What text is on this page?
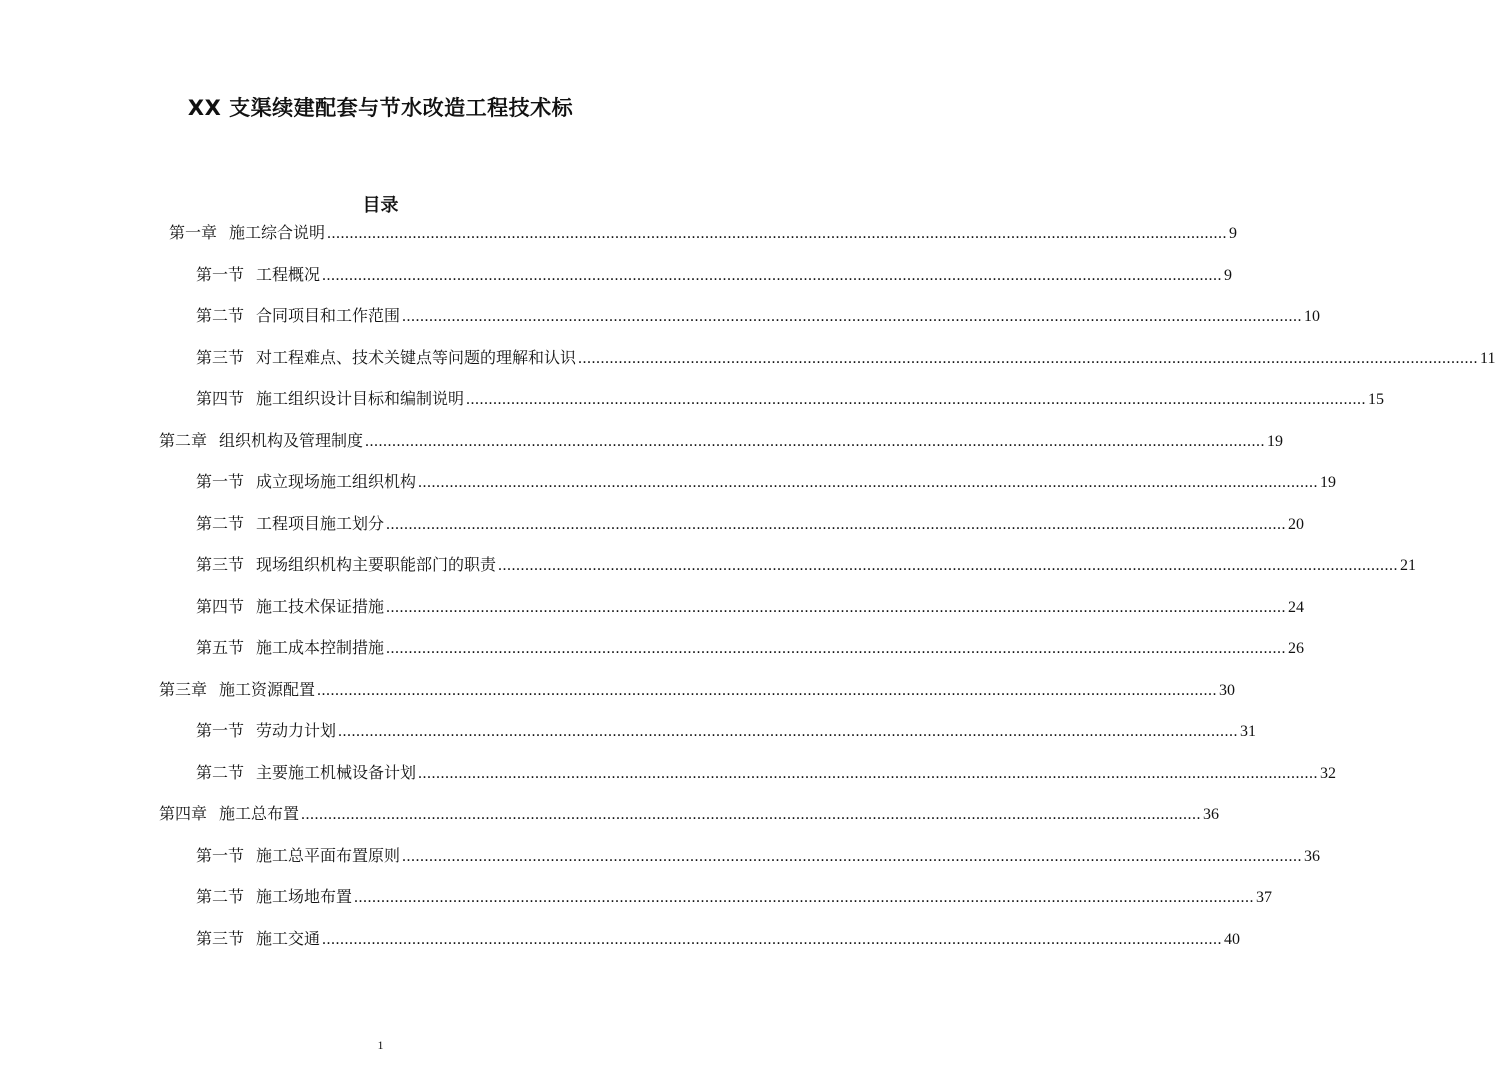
XX 支渠续建配套与节水改造工程技术标
目录
第一章 施工综合说明 ........................................................................................................................................................................................................ 9
第一节 工程概况 ........................................................................................................................................................................................................ 9
第二节 合同项目和工作范围 ........................................................................................................................................................................................................ 10
第三节 对工程难点、技术关键点等问题的理解和认识 ........................................................................................................................................................................................................ 11
第四节 施工组织设计目标和编制说明 ........................................................................................................................................................................................................ 15
第二章 组织机构及管理制度 ........................................................................................................................................................................................................ 19
第一节 成立现场施工组织机构 ........................................................................................................................................................................................................ 19
第二节 工程项目施工划分 ........................................................................................................................................................................................................ 20
第三节 现场组织机构主要职能部门的职责 ........................................................................................................................................................................................................ 21
第四节 施工技术保证措施 ........................................................................................................................................................................................................ 24
第五节 施工成本控制措施 ........................................................................................................................................................................................................ 26
第三章 施工资源配置 ........................................................................................................................................................................................................ 30
第一节 劳动力计划 ........................................................................................................................................................................................................ 31
第二节 主要施工机械设备计划 ........................................................................................................................................................................................................ 32
第四章 施工总布置 ........................................................................................................................................................................................................ 36
第一节 施工总平面布置原则 ........................................................................................................................................................................................................ 36
第二节 施工场地布置 ........................................................................................................................................................................................................ 37
第三节 施工交通 ........................................................................................................................................................................................................ 40
1
